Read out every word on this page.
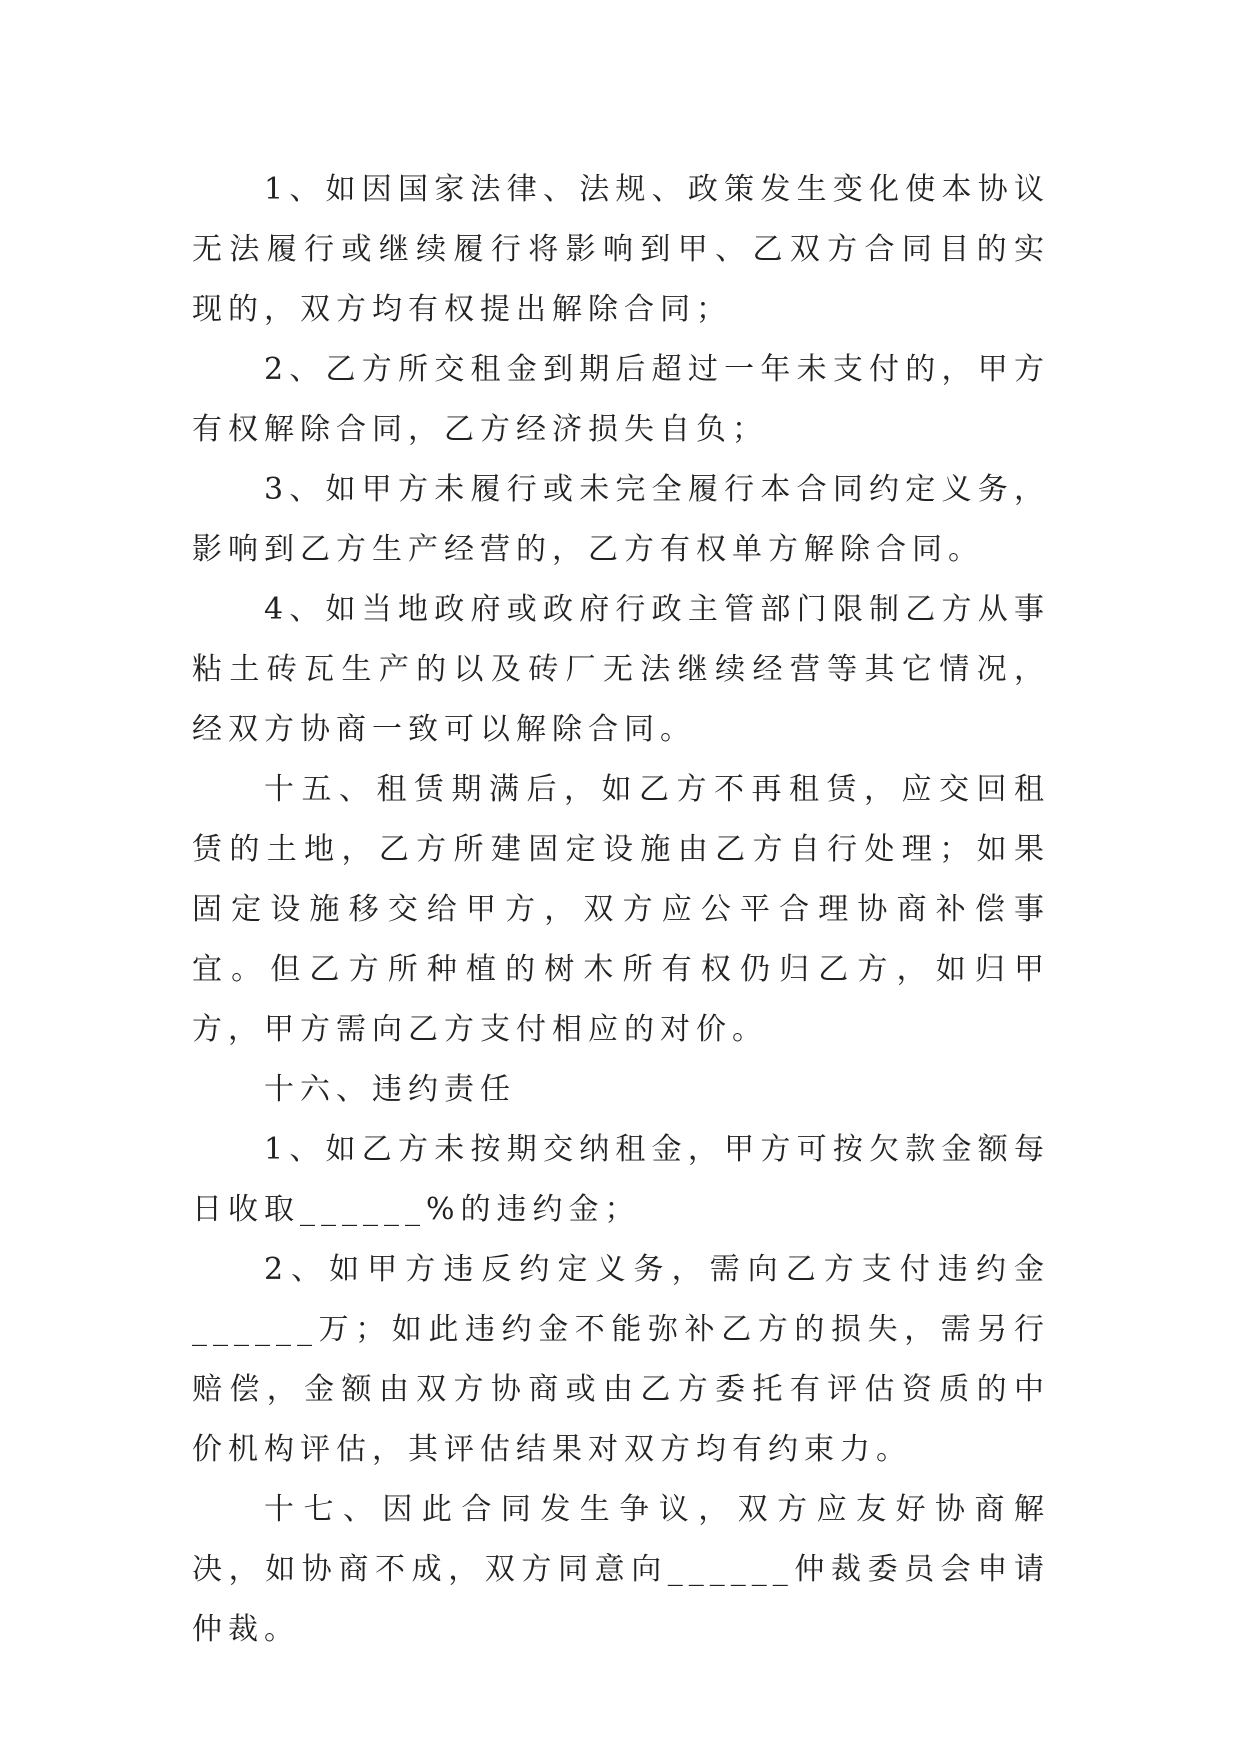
1、如因国家法律、法规、政策发生变化使本协议无法履行或继续履行将影响到甲、乙双方合同目的实现的，双方均有权提出解除合同；

2、乙方所交租金到期后超过一年未支付的，甲方有权解除合同，乙方经济损失自负；

3、如甲方未履行或未完全履行本合同约定义务，影响到乙方生产经营的，乙方有权单方解除合同。

4、如当地政府或政府行政主管部门限制乙方从事粘土砖瓦生产的以及砖厂无法继续经营等其它情况，经双方协商一致可以解除合同。

十五、租赁期满后，如乙方不再租赁，应交回租赁的土地，乙方所建固定设施由乙方自行处理；如果固定设施移交给甲方，双方应公平合理协商补偿事宜。但乙方所种植的树木所有权仍归乙方，如归甲方，甲方需向乙方支付相应的对价。

十六、违约责任

1、如乙方未按期交纳租金，甲方可按欠款金额每日收取______%的违约金；

2、如甲方违反约定义务，需向乙方支付违约金______万；如此违约金不能弥补乙方的损失，需另行赔偿，金额由双方协商或由乙方委托有评估资质的中价机构评估，其评估结果对双方均有约束力。

十七、因此合同发生争议，双方应友好协商解决，如协商不成，双方同意向______仲裁委员会申请仲裁。
